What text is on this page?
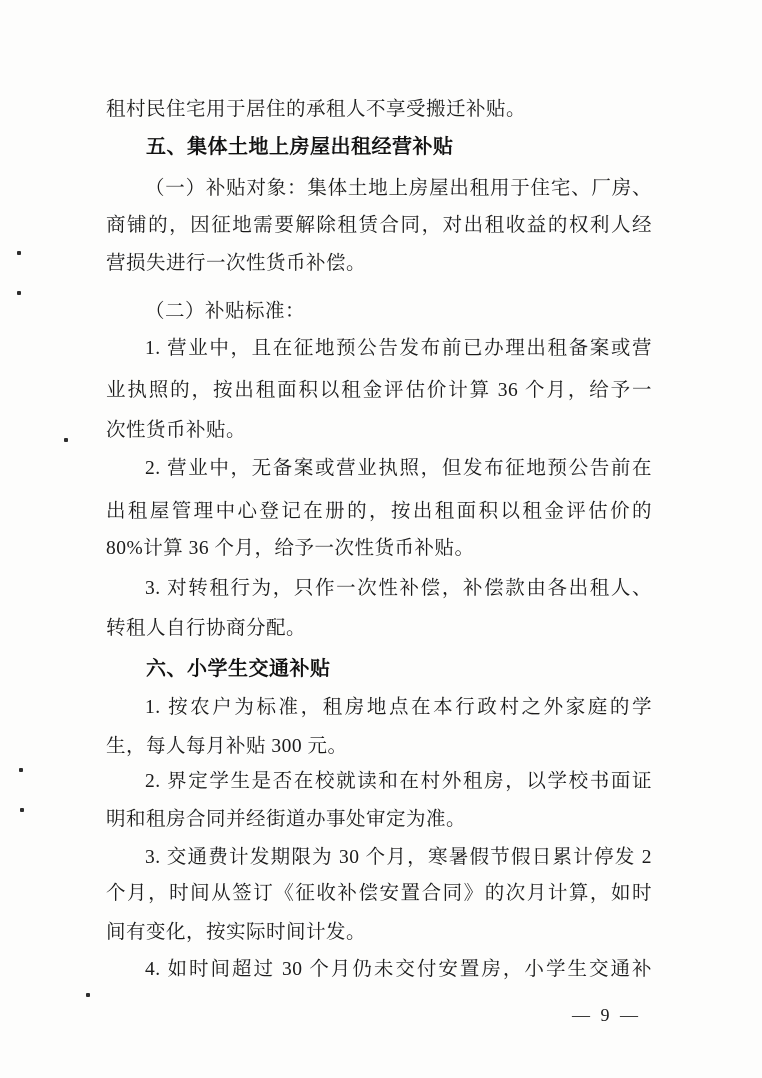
租村民住宅用于居住的承租人不享受搬迁补贴。
五、集体土地上房屋出租经营补贴
（一）补贴对象：集体土地上房屋出租用于住宅、厂房、
商铺的，因征地需要解除租赁合同，对出租收益的权利人经
营损失进行一次性货币补偿。
（二）补贴标准：
1. 营业中，且在征地预公告发布前已办理出租备案或营
业执照的，按出租面积以租金评估价计算 36 个月，给予一
次性货币补贴。
2. 营业中，无备案或营业执照，但发布征地预公告前在
出租屋管理中心登记在册的，按出租面积以租金评估价的
80%计算 36 个月，给予一次性货币补贴。
3. 对转租行为，只作一次性补偿，补偿款由各出租人、
转租人自行协商分配。
六、小学生交通补贴
1. 按农户为标准，租房地点在本行政村之外家庭的学
生，每人每月补贴 300 元。
2. 界定学生是否在校就读和在村外租房，以学校书面证
明和租房合同并经街道办事处审定为准。
3. 交通费计发期限为 30 个月，寒暑假节假日累计停发 2
个月，时间从签订《征收补偿安置合同》的次月计算，如时
间有变化，按实际时间计发。
4. 如时间超过 30 个月仍未交付安置房，小学生交通补
— 9 —
